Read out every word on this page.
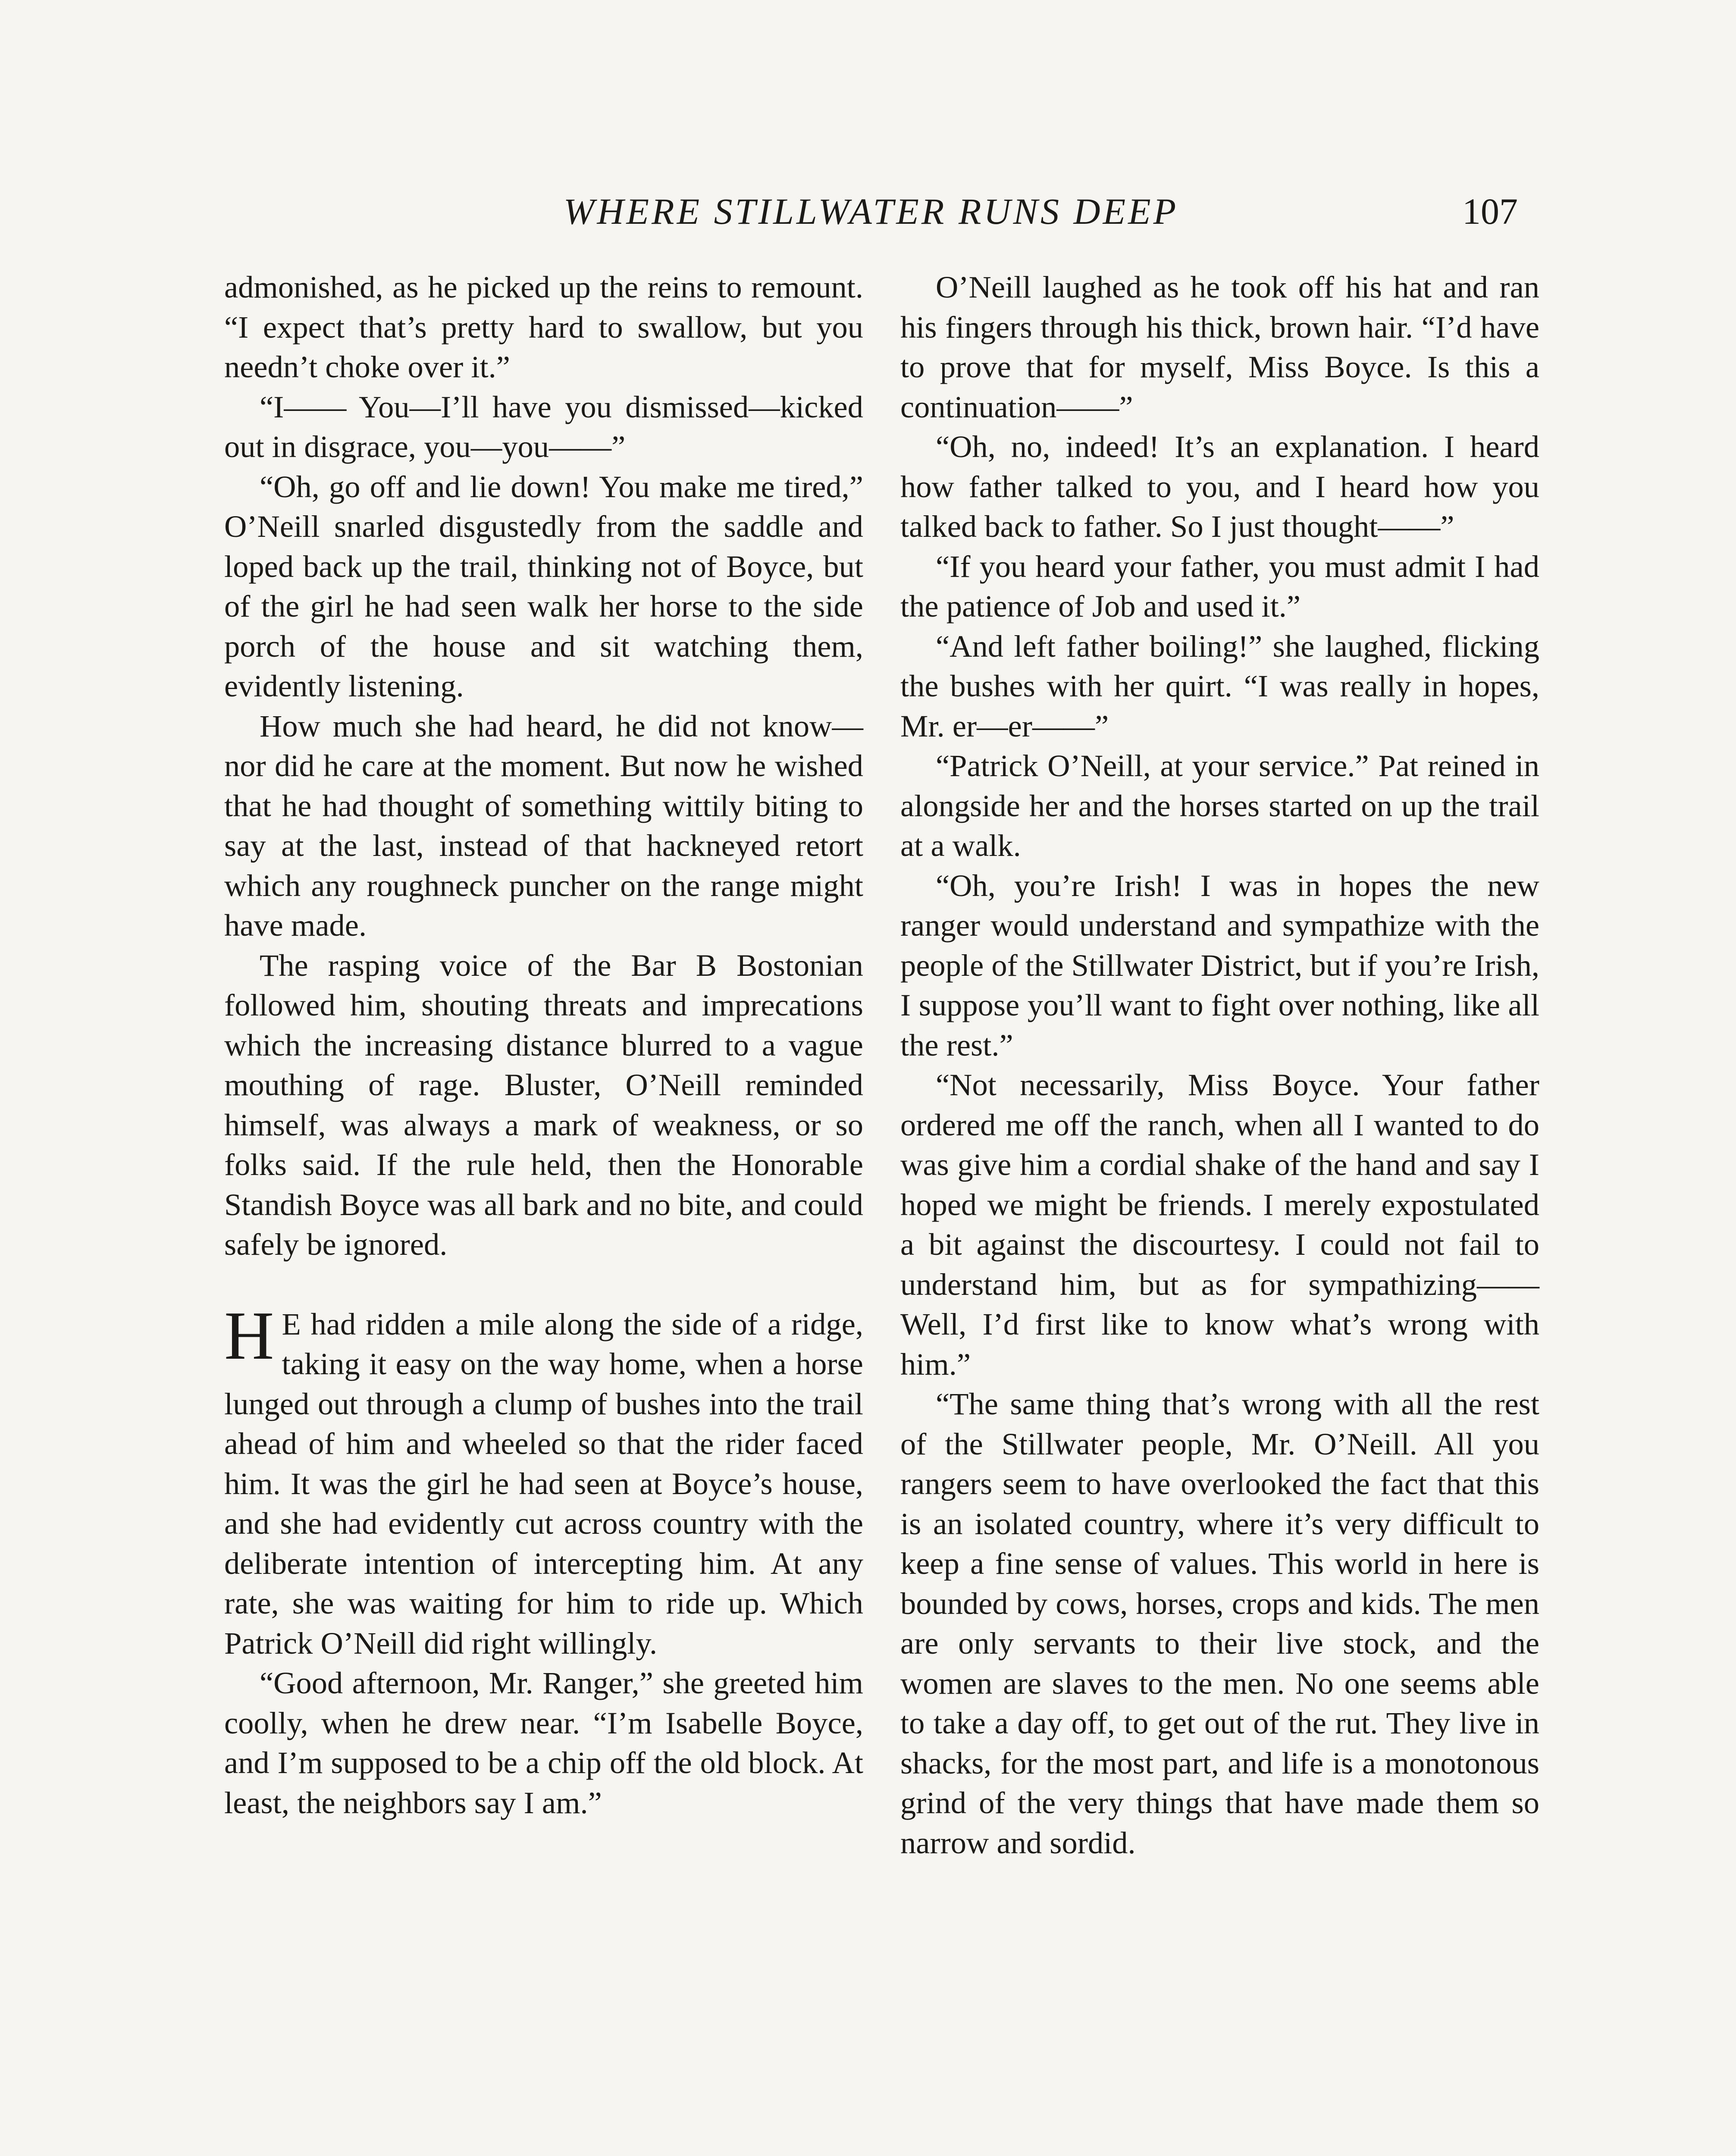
WHERE STILLWATER RUNS DEEP	107

admonished, as he picked up the reins to remount. “I expect that’s pretty hard to swallow, but you needn’t choke over it.”

“I—— You—I’ll have you dismissed—kicked out in disgrace, you—you——”

“Oh, go off and lie down! You make me tired,” O’Neill snarled disgustedly from the saddle and loped back up the trail, thinking not of Boyce, but of the girl he had seen walk her horse to the side porch of the house and sit watching them, evidently listening.

How much she had heard, he did not know—nor did he care at the moment. But now he wished that he had thought of something wittily biting to say at the last, instead of that hackneyed retort which any roughneck puncher on the range might have made.

The rasping voice of the Bar B Bostonian followed him, shouting threats and imprecations which the increasing distance blurred to a vague mouthing of rage. Bluster, O’Neill reminded himself, was always a mark of weakness, or so folks said. If the rule held, then the Honorable Standish Boyce was all bark and no bite, and could safely be ignored.

H E had ridden a mile along the side of a ridge, taking it easy on the way home, when a horse lunged out through a clump of bushes into the trail ahead of him and wheeled so that the rider faced him. It was the girl he had seen at Boyce’s house, and she had evidently cut across country with the deliberate intention of intercepting him. At any rate, she was waiting for him to ride up. Which Patrick O’Neill did right willingly.

“Good afternoon, Mr. Ranger,” she greeted him coolly, when he drew near. “I’m Isabelle Boyce, and I’m supposed to be a chip off the old block. At least, the neighbors say I am.”

O’Neill laughed as he took off his hat and ran his fingers through his thick, brown hair. “I’d have to prove that for myself, Miss Boyce. Is this a continuation——”

“Oh, no, indeed! It’s an explanation. I heard how father talked to you, and I heard how you talked back to father. So I just thought——”

“If you heard your father, you must admit I had the patience of Job and used it.”

“And left father boiling!” she laughed, flicking the bushes with her quirt. “I was really in hopes, Mr. er—er——”

“Patrick O’Neill, at your service.” Pat reined in alongside her and the horses started on up the trail at a walk.

“Oh, you’re Irish! I was in hopes the new ranger would understand and sympathize with the people of the Stillwater District, but if you’re Irish, I suppose you’ll want to fight over nothing, like all the rest.”

“Not necessarily, Miss Boyce. Your father ordered me off the ranch, when all I wanted to do was give him a cordial shake of the hand and say I hoped we might be friends. I merely expostulated a bit against the discourtesy. I could not fail to understand him, but as for sympathizing—— Well, I’d first like to know what’s wrong with him.”

“The same thing that’s wrong with all the rest of the Stillwater people, Mr. O’Neill. All you rangers seem to have overlooked the fact that this is an isolated country, where it’s very difficult to keep a fine sense of values. This world in here is bounded by cows, horses, crops and kids. The men are only servants to their live stock, and the women are slaves to the men. No one seems able to take a day off, to get out of the rut. They live in shacks, for the most part, and life is a monotonous grind of the very things that have made them so narrow and sordid.
